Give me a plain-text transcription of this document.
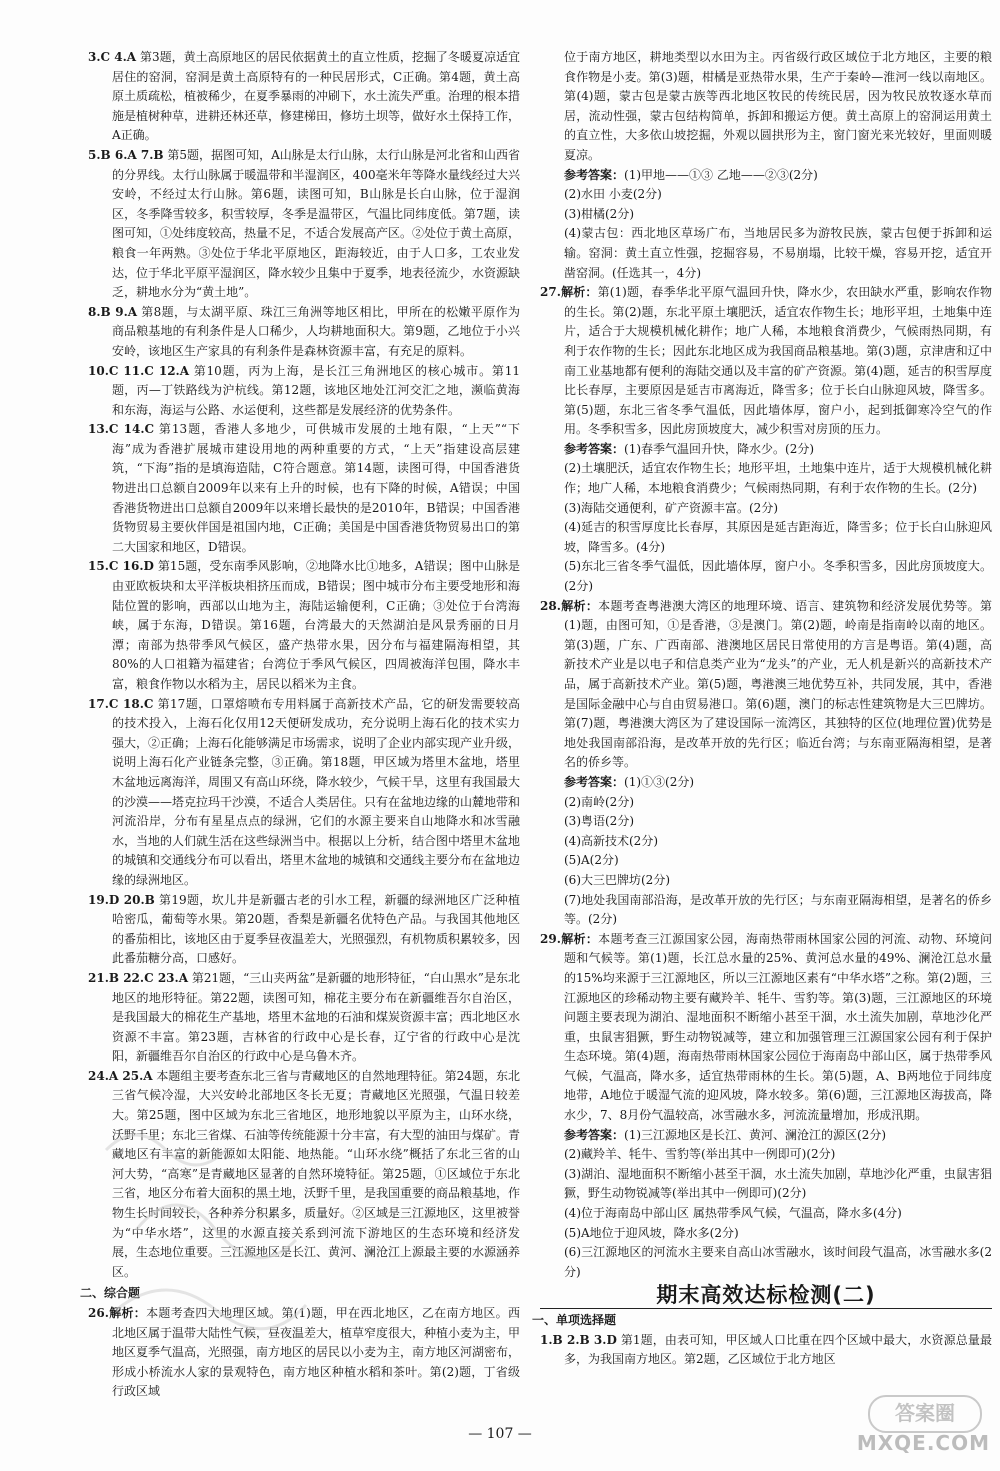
3.C 4.A 第3题，黄土高原地区的居民依据黄土的直立性质，挖掘了冬暖夏凉适宜居住的窑洞，窑洞是黄土高原特有的一种民居形式，C正确。第4题，黄土高原土质疏松，植被稀少，在夏季暴雨的冲刷下，水土流失严重。治理的根本措施是植树种草，进耕还林还草，修建梯田，修坊土坝等，做好水土保持工作，A正确。
5.B 6.A 7.B 第5题，据图可知，A山脉是太行山脉，太行山脉是河北省和山西省的分界线。太行山脉属于暖温带和半湿润区，400毫米年等降水量线经过大兴安岭，不经过太行山脉。第6题，读图可知，B山脉是长白山脉，位于湿润区，冬季降雪较多，积雪较厚，冬季是温带区，气温比同纬度低。第7题，读图可知，①处纬度较高，热量不足，不适合发展高产区。②处位于黄土高原，粮食一年两熟。③处位于华北平原地区，距海较近，由于人口多，工农业发达，位于华北平原平湿润区，降水较少且集中于夏季，地表径流少，水资源缺乏，耕地水分为“黄土地”。
8.B 9.A 第8题，与太湖平原、珠江三角洲等地区相比，甲所在的松嫩平原作为商品粮基地的有利条件是人口稀少，人均耕地面积大。第9题，乙地位于小兴安岭，该地区生产家具的有利条件是森林资源丰富，有充足的原料。
10.C 11.C 12.A 第10题，丙为上海，是长江三角洲地区的核心城市。第11题，丙—丁铁路线为沪杭线。第12题，该地区地处江河交汇之地，濒临黄海和东海，海运与公路、水运便利，这些都是发展经济的优势条件。
13.C 14.C 第13题，香港人多地少，可供城市发展的土地有限，“上天”“下海”成为香港扩展城市建设用地的两种重要的方式，“上天”指建设高层建筑，“下海”指的是填海造陆，C符合题意。第14题，读图可得，中国香港货物进出口总额自2009年以来有上升的时候，也有下降的时候，A错误；中国香港货物进出口总额自2009年以来增长最快的是2010年，B错误；中国香港货物贸易主要伙伴国是祖国内地，C正确；美国是中国香港货物贸易出口的第二大国家和地区，D错误。
15.C 16.D 第15题，受东南季风影响，②地降水比①地多，A错误；图中山脉是由亚欧板块和太平洋板块相挤压而成，B错误；图中城市分布主要受地形和海陆位置的影响，西部以山地为主，海陆运输便利，C正确；③处位于台湾海峡，属于东海，D错误。第16题，台湾最大的天然湖泊是风景秀丽的日月潭；南部为热带季风气候区，盛产热带水果，因分布与福建隔海相望，其80%的人口祖籍为福建省；台湾位于季风气候区，四周被海洋包围，降水丰富，粮食作物以水稻为主，居民以稻米为主食。
17.C 18.C 第17题，口罩熔喷布专用料属于高新技术产品，它的研发需要较高的技术投入，上海石化仅用12天便研发成功，充分说明上海石化的技术实力强大，②正确；上海石化能够满足市场需求，说明了企业内部实现产业升级，说明上海石化产业链条完整，③正确。第18题，甲区域为塔里木盆地，塔里木盆地远离海洋，周围又有高山环绕，降水较少，气候干旱，这里有我国最大的沙漠——塔克拉玛干沙漠，不适合人类居住。只有在盆地边缘的山麓地带和河流沿岸，分布有星星点点的绿洲，它们的水源主要来自山地降水和冰雪融水，当地的人们就生活在这些绿洲当中。根据以上分析，结合图中塔里木盆地的城镇和交通线分布可以看出，塔里木盆地的城镇和交通线主要分布在盆地边缘的绿洲地区。
19.D 20.B 第19题，坎儿井是新疆古老的引水工程，新疆的绿洲地区广泛种植哈密瓜，葡萄等水果。第20题，香梨是新疆名优特色产品。与我国其他地区的番茄相比，该地区由于夏季昼夜温差大，光照强烈，有机物质积累较多，因此番茄糖分高，口感好。
21.B 22.C 23.A 第21题，“三山夹两盆”是新疆的地形特征，“白山黑水”是东北地区的地形特征。第22题，读图可知，棉花主要分布在新疆维吾尔自治区，是我国最大的棉花生产基地，塔里木盆地的石油和煤炭资源丰富；西北地区水资源不丰富。第23题，吉林省的行政中心是长春，辽宁省的行政中心是沈阳，新疆维吾尔自治区的行政中心是乌鲁木齐。
24.A 25.A 本题组主要考查东北三省与青藏地区的自然地理特征。第24题，东北三省气候冷湿，大兴安岭北部地区冬长无夏；青藏地区光照强，气温日较差大。第25题，图中区域为东北三省地区，地形地貌以平原为主，山环水绕，沃野千里；东北三省煤、石油等传统能源十分丰富，有大型的油田与煤矿。青藏地区有丰富的新能源如太阳能、地热能。“山环水绕”概括了东北三省的山河大势，“高寒”是青藏地区显著的自然环境特征。第25题，①区域位于东北三省，地区分布着大面积的黑土地，沃野千里，是我国重要的商品粮基地，作物生长时间较长，各种养分积累多，质量好。②区域是三江源地区，这里被誉为“中华水塔”，这里的水源直接关系到河流下游地区的生态环境和经济发展，生态地位重要。三江源地区是长江、黄河、澜沧江上源最主要的水源涵养区。
二、综合题
26.解析：本题考查四大地理区域。第(1)题，甲在西北地区，乙在南方地区。西北地区属于温带大陆性气候，昼夜温差大，植草窄度很大，种植小麦为主，甲地区夏季气温高，光照强，南方地区的居民以小麦为主，南方地区河湖密布，形成小桥流水人家的景观特色，南方地区种植水稻和茶叶。第(2)题，丁省级行政区域
位于南方地区，耕地类型以水田为主。丙省级行政区域位于北方地区，主要的粮食作物是小麦。第(3)题，柑橘是亚热带水果，生产于秦岭—淮河一线以南地区。第(4)题，蒙古包是蒙古族等西北地区牧民的传统民居，因为牧民放牧逐水草而居，流动性强，蒙古包结构简单，拆卸和搬运方便。黄土高原上的窑洞运用黄土的直立性，大多依山坡挖掘，外观以圆拱形为主，窗门窗光来光较好，里面则暖夏凉。
参考答案：(1)甲地——①③ 乙地——②③(2分)

(2)水田 小麦(2分)

(3)柑橘(2分)

(4)蒙古包：西北地区草场广布，当地居民多为游牧民族，蒙古包便于拆卸和运输。窑洞：黄土直立性强，挖掘容易，不易崩塌，比较干燥，容易开挖，适宜开凿窑洞。(任选其一，4分)

27.解析：第(1)题，春季华北平原气温回升快，降水少，农田缺水严重，影响农作物的生长。第(2)题，东北平原土壤肥沃，适宜农作物生长；地形平坦，土地集中连片，适合于大规模机械化耕作；地广人稀，本地粮食消费少，气候雨热同期，有利于农作物的生长；因此东北地区成为我国商品粮基地。第(3)题，京津唐和辽中南工业基地都有便利的海陆交通以及丰富的矿产资源。第(4)题，延吉的积雪厚度比长春厚，主要原因是延吉市离海近，降雪多；位于长白山脉迎风坡，降雪多。第(5)题，东北三省冬季气温低，因此墙体厚，窗户小，起到抵御寒冷空气的作用。冬季积雪多，因此房顶坡度大，减少积雪对房顶的压力。
参考答案：(1)春季气温回升快，降水少。(2分)

(2)土壤肥沃，适宜农作物生长；地形平坦，土地集中连片，适于大规模机械化耕作；地广人稀，本地粮食消费少；气候雨热同期，有利于农作物的生长。(2分)

(3)海陆交通便利，矿产资源丰富。(2分)

(4)延吉的积雪厚度比长春厚，其原因是延吉距海近，降雪多；位于长白山脉迎风坡，降雪多。(4分)

(5)东北三省冬季气温低，因此墙体厚，窗户小。冬季积雪多，因此房顶坡度大。(2分)

28.解析：本题考查粤港澳大湾区的地理环境、语言、建筑物和经济发展优势等。第(1)题，由图可知，①是香港，③是澳门。第(2)题，岭南是指南岭以南的地区。第(3)题，广东、广西南部、港澳地区居民日常使用的方言是粤语。第(4)题，高新技术产业是以电子和信息类产业为“龙头”的产业，无人机是新兴的高新技术产品，属于高新技术产业。第(5)题，粤港澳三地优势互补，共同发展，其中，香港是国际金融中心与自由贸易港口。第(6)题，澳门的标志性建筑物是大三巴牌坊。第(7)题，粤港澳大湾区为了建设国际一流湾区，其独特的区位(地理位置)优势是地处我国南部沿海，是改革开放的先行区；临近台湾；与东南亚隔海相望，是著名的侨乡等。
参考答案：(1)①③(2分)

(2)南岭(2分)

(3)粤语(2分)

(4)高新技术(2分)

(5)A(2分)

(6)大三巴牌坊(2分)

(7)地处我国南部沿海，是改革开放的先行区；与东南亚隔海相望，是著名的侨乡等。(2分)

29.解析：本题考查三江源国家公园，海南热带雨林国家公园的河流、动物、环境问题和气候等。第(1)题，长江总水量的25%、黄河总水量的49%、澜沧江总水量的15%均来源于三江源地区，所以三江源地区素有“中华水塔”之称。第(2)题，三江源地区的珍稀动物主要有藏羚羊、牦牛、雪豹等。第(3)题，三江源地区的环境问题主要表现为湖泊、湿地面积不断缩小甚至干涸，水土流失加剧，草地沙化严重，虫鼠害猖獗，野生动物锐减等，建立和加强管理三江源国家公园有利于保护生态环境。第(4)题，海南热带雨林国家公园位于海南岛中部山区，属于热带季风气候，气温高，降水多，适宜热带雨林的生长。第(5)题，A、B两地位于同纬度地带，A地位于暖湿气流的迎风坡，降水较多。第(6)题，三江源地区海拔高，降水少，7、8月份气温较高，冰雪融水多，河流流量增加，形成汛期。
参考答案：(1)三江源地区是长江、黄河、澜沧江的源区(2分)

(2)藏羚羊、牦牛、雪豹等(举出其中一例即可)(2分)

(3)湖泊、湿地面积不断缩小甚至干涸，水土流失加剧，草地沙化严重，虫鼠害猖獗，野生动物锐减等(举出其中一例即可)(2分)

(4)位于海南岛中部山区 属热带季风气候，气温高，降水多(4分)

(5)A地位于迎风坡，降水多(2分)

(6)三江源地区的河流水主要来自高山冰雪融水，该时间段气温高，冰雪融水多(2分)

期末高效达标检测(二)
一、单项选择题
1.B 2.B 3.D 第1题，由表可知，甲区域人口比重在四个区域中最大，水资源总量最多，为我国南方地区。第2题，乙区域位于北方地区
— 107 —
答案圈
MXQE.COM
